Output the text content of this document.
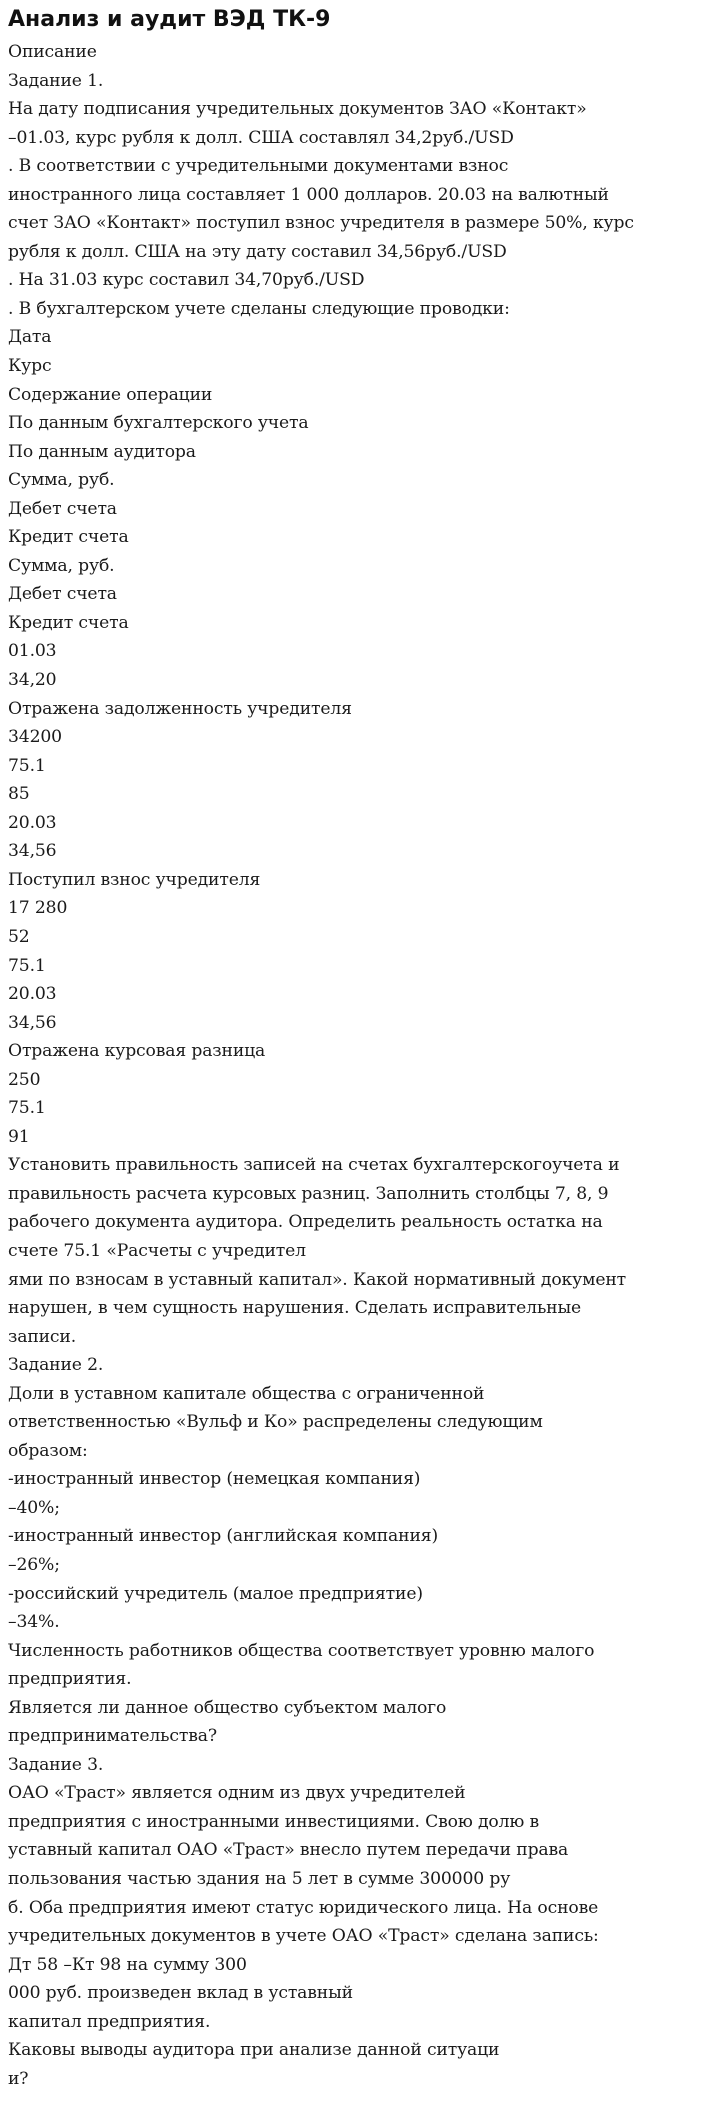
Анализ и аудит ВЭД ТК-9
Описание
Задание 1.
На дату подписания учредительных документов ЗАО «Контакт»
–01.03, курс рубля к долл. США составлял 34,2руб./USD
. В соответствии с учредительными документами взнос
иностранного лица составляет 1 000 долларов. 20.03 на валютный
счет ЗАО «Контакт» поступил взнос учредителя в размере 50%, курс
рубля к долл. США на эту дату составил 34,56руб./USD
. На 31.03 курс составил 34,70руб./USD
. В бухгалтерском учете сделаны следующие проводки:
Дата
Курс
Содержание операции
По данным бухгалтерского учета
По данным аудитора
Сумма, руб.
Дебет счета
Кредит счета
Сумма, руб.
Дебет счета
Кредит счета
01.03
34,20
Отражена задолженность учредителя
34200
75.1
85
20.03
34,56
Поступил взнос учредителя
17 280
52
75.1
20.03
34,56
Отражена курсовая разница
250
75.1
91
Установить правильность записей на счетах бухгалтерскогоучета и
правильность расчета курсовых разниц. Заполнить столбцы 7, 8, 9
рабочего документа аудитора. Определить реальность остатка на
счете 75.1 «Расчеты с учредител
ями по взносам в уставный капитал». Какой нормативный документ
нарушен, в чем сущность нарушения. Сделать исправительные
записи.
Задание 2.
Доли в уставном капитале общества с ограниченной
ответственностью «Вульф и Ко» распределены следующим
образом:
-иностранный инвестор (немецкая компания)
–40%;
-иностранный инвестор (английская компания)
–26%;
-российский учредитель (малое предприятие)
–34%.
Численность работников общества соответствует уровню малого
предприятия.
Является ли данное общество субъектом малого
предпринимательства?
Задание 3.
ОАО «Траст» является одним из двух учредителей
предприятия с иностранными инвестициями. Свою долю в
уставный капитал ОАО «Траст» внесло путем передачи права
пользования частью здания на 5 лет в сумме 300000 ру
б. Оба предприятия имеют статус юридического лица. На основе
учредительных документов в учете ОАО «Траст» сделана запись:
Дт 58 –Кт 98 на сумму 300
000 руб. произведен вклад в уставный
капитал предприятия.
Каковы выводы аудитора при анализе данной ситуаци
и?
